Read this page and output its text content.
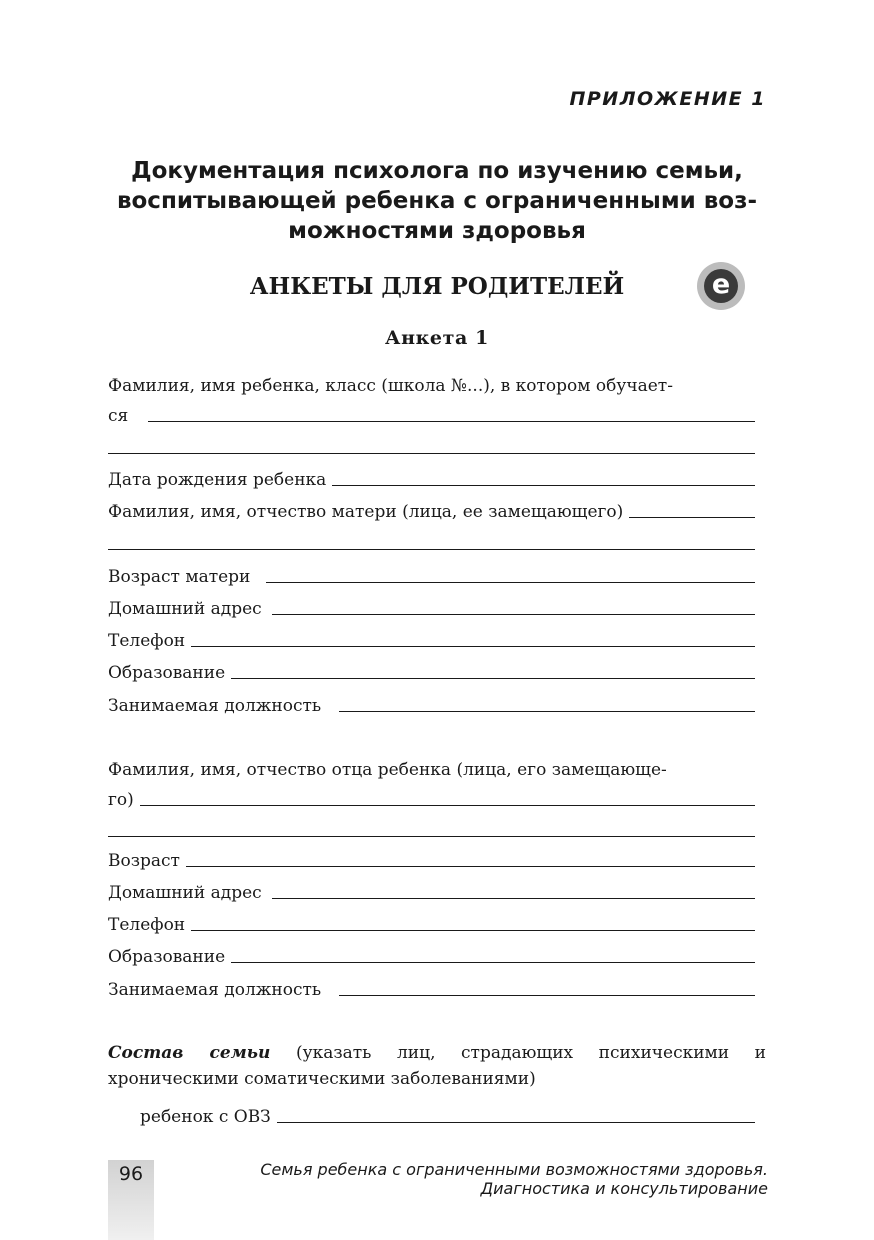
ПРИЛОЖЕНИЕ 1
Документация психолога по изучению семьи,
воспитывающей ребенка с ограниченными воз-
можностями здоровья
АНКЕТЫ ДЛЯ РОДИТЕЛЕЙ	e
Анкета 1
Фамилия, имя ребенка, класс (школа №...), в котором обучает-
ся
Дата рождения ребенка
Фамилия, имя, отчество матери (лица, ее замещающего)
Возраст матери
Домашний адрес
Телефон
Образование
Занимаемая должность
Фамилия, имя, отчество отца ребенка (лица, его замещающе-
го)
Возраст
Домашний адрес
Телефон
Образование
Занимаемая должность
Состав семьи (указать лиц, страдающих психическими и хроническими соматическими заболеваниями)
ребенок с ОВЗ
96	Семья ребенка с ограниченными возможностями здоровья.
Диагностика и консультирование
